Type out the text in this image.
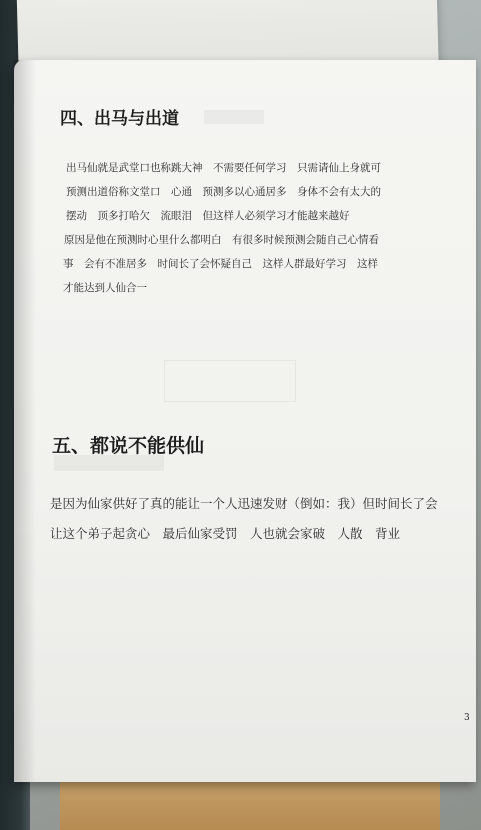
四、出马与出道
出马仙就是武堂口也称跳大神　不需要任何学习　只需请仙上身就可
预测出道俗称文堂口　心通　预测多以心通居多　身体不会有太大的
摆动　顶多打哈欠　流眼泪　但这样人必须学习才能越来越好
原因是他在预测时心里什么都明白　有很多时候预测会随自己心情看
事　会有不准居多　时间长了会怀疑自己　这样人群最好学习　这样
才能达到人仙合一
五、都说不能供仙
是因为仙家供好了真的能让一个人迅速发财（倒如：我）但时间长了会
让这个弟子起贪心　最后仙家受罚　人也就会家破　人散　背业
3
